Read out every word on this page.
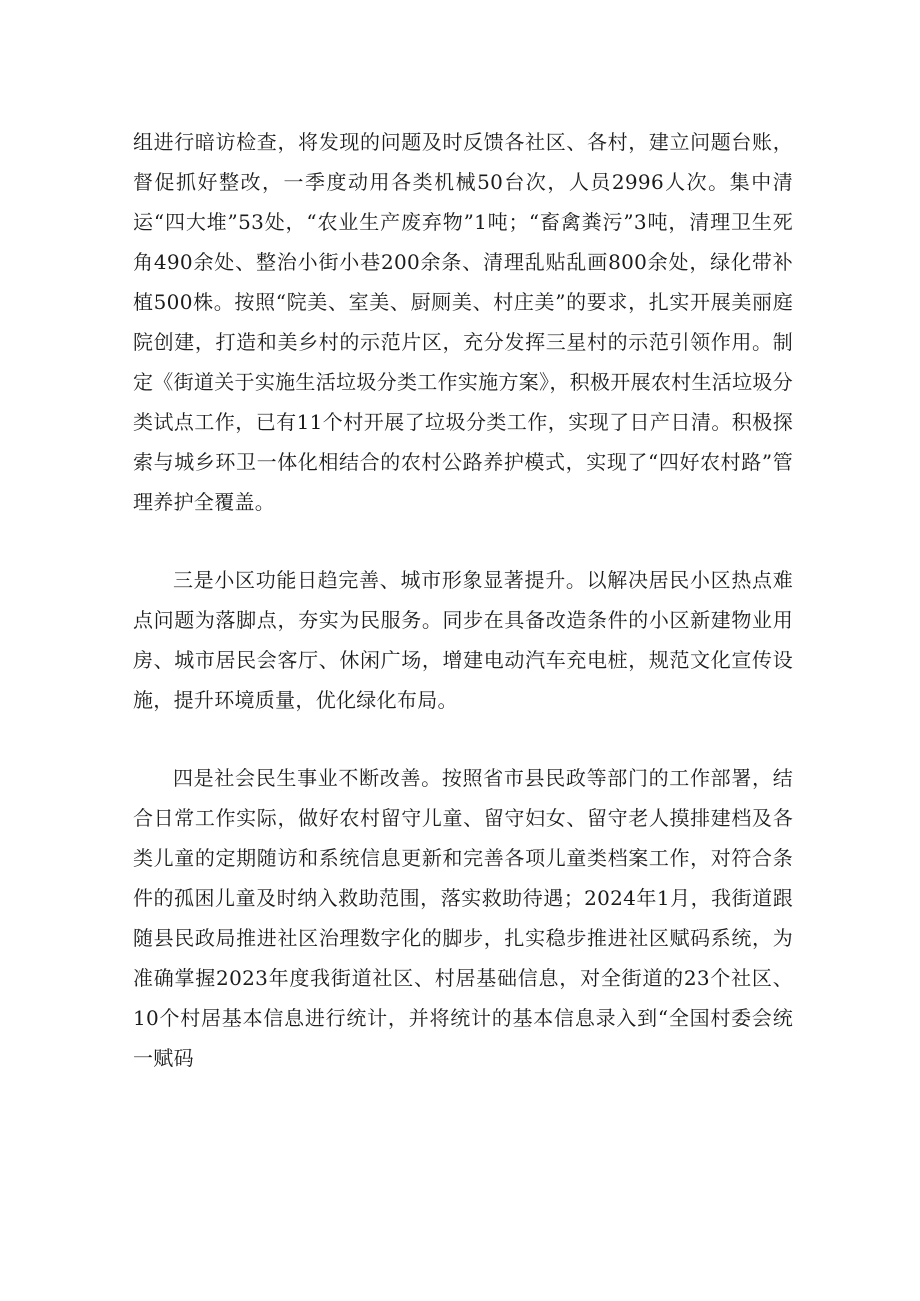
组进行暗访检查，将发现的问题及时反馈各社区、各村，建立问题台账，督促抓好整改，一季度动用各类机械50台次，人员2996人次。集中清运“四大堆”53处，“农业生产废弃物”1吨；“畜禽粪污”3吨，清理卫生死角490余处、整治小街小巷200余条、清理乱贴乱画800余处，绿化带补植500株。按照“院美、室美、厨厕美、村庄美”的要求，扎实开展美丽庭院创建，打造和美乡村的示范片区，充分发挥三星村的示范引领作用。制定《街道关于实施生活垃圾分类工作实施方案》，积极开展农村生活垃圾分类试点工作，已有11个村开展了垃圾分类工作，实现了日产日清。积极探索与城乡环卫一体化相结合的农村公路养护模式，实现了“四好农村路”管理养护全覆盖。

三是小区功能日趋完善、城市形象显著提升。以解决居民小区热点难点问题为落脚点，夯实为民服务。同步在具备改造条件的小区新建物业用房、城市居民会客厅、休闲广场，增建电动汽车充电桩，规范文化宣传设施，提升环境质量，优化绿化布局。

四是社会民生事业不断改善。按照省市县民政等部门的工作部署，结合日常工作实际，做好农村留守儿童、留守妇女、留守老人摸排建档及各类儿童的定期随访和系统信息更新和完善各项儿童类档案工作，对符合条件的孤困儿童及时纳入救助范围，落实救助待遇；2024年1月，我街道跟随县民政局推进社区治理数字化的脚步，扎实稳步推进社区赋码系统，为准确掌握2023年度我街道社区、村居基础信息，对全街道的23个社区、10个村居基本信息进行统计，并将统计的基本信息录入到“全国村委会统一赋码
